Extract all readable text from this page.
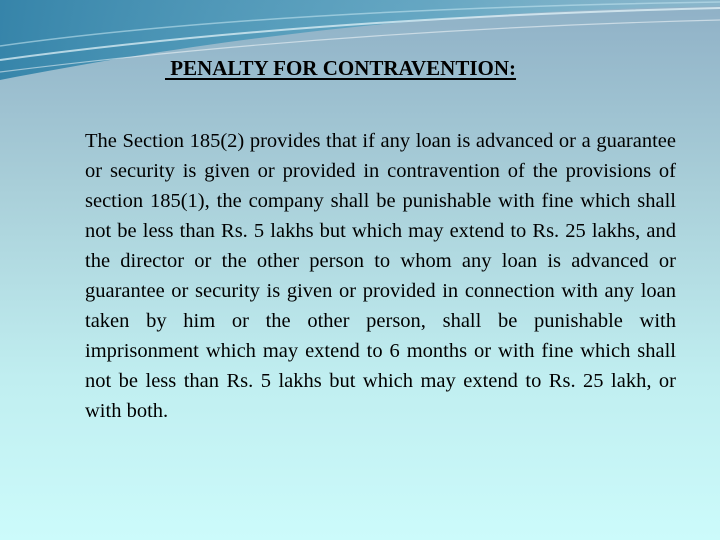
PENALTY FOR CONTRAVENTION:
The Section 185(2) provides that if any loan is advanced or a guarantee or security is given or provided in contravention of the provisions of section 185(1), the company shall be punishable with fine which shall not be less than Rs. 5 lakhs but which may extend to Rs. 25 lakhs, and the director or the other person to whom any loan is advanced or guarantee or security is given or provided in connection with any loan taken by him or the other person, shall be punishable with imprisonment which may extend to 6 months or with fine which shall not be less than Rs. 5 lakhs but which may extend to Rs. 25 lakh, or with both.
